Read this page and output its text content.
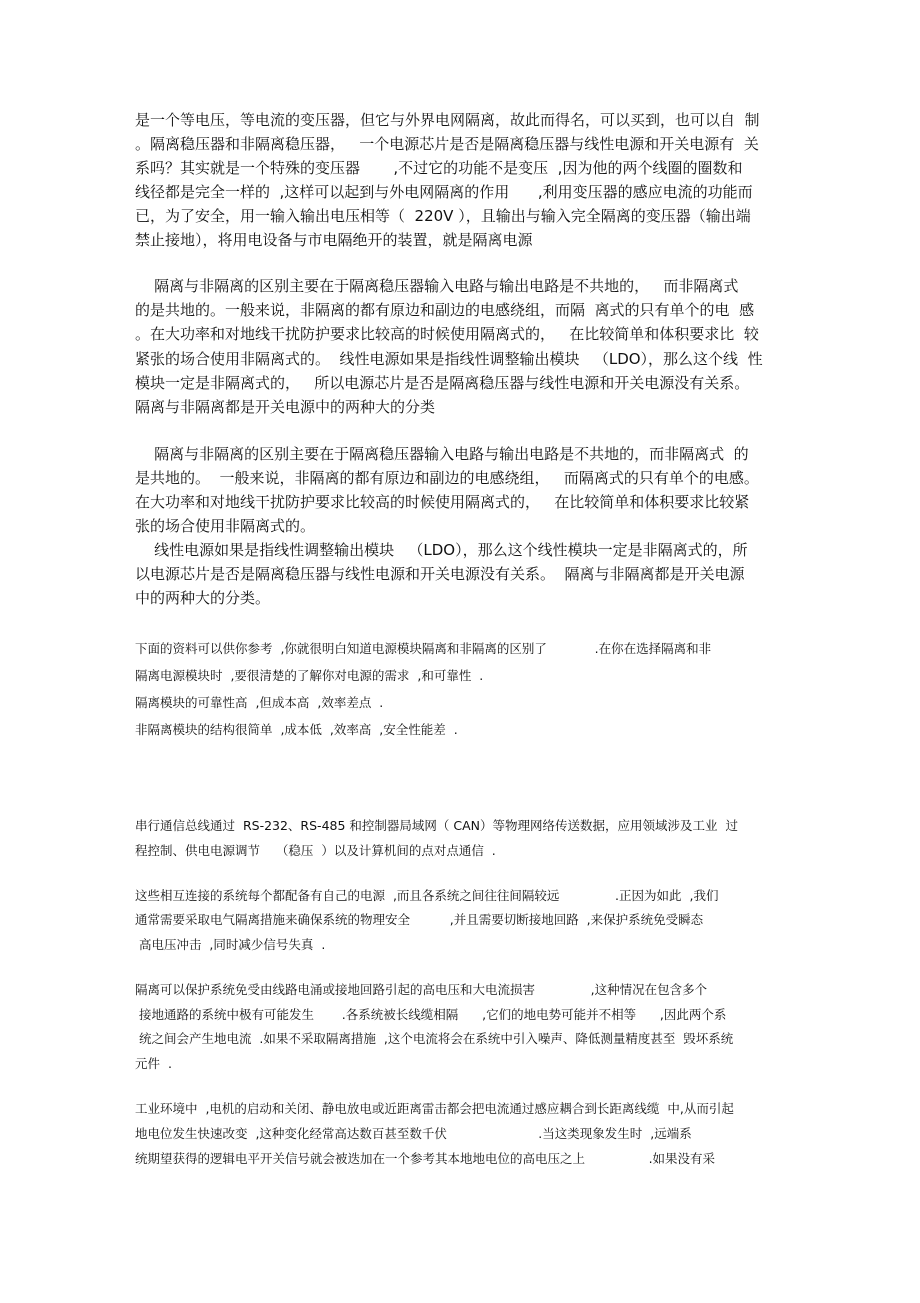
是一个等电压，等电流的变压器，但它与外界电网隔离，故此而得名，可以买到，也可以自  制
。隔离稳压器和非隔离稳压器，   一个电源芯片是否是隔离稳压器与线性电源和开关电源有  关
系吗？其实就是一个特殊的变压器       ,不过它的功能不是变压  ,因为他的两个线圈的圈数和
线径都是完全一样的  ,这样可以起到与外电网隔离的作用      ,利用变压器的感应电流的功能而
已，为了安全，用一输入输出电压相等（  220V ），且输出与输入完全隔离的变压器（输出端
禁止接地），将用电设备与市电隔绝开的装置，就是隔离电源
隔离与非隔离的区别主要在于隔离稳压器输入电路与输出电路是不共地的，   而非隔离式
的是共地的。一般来说，非隔离的都有原边和副边的电感绕组，而隔  离式的只有单个的电  感
。在大功率和对地线干扰防护要求比较高的时候使用隔离式的，   在比较简单和体积要求比  较
紧张的场合使用非隔离式的。  线性电源如果是指线性调整输出模块   （LDO），那么这个线  性
模块一定是非隔离式的，   所以电源芯片是否是隔离稳压器与线性电源和开关电源没有关系。
隔离与非隔离都是开关电源中的两种大的分类
隔离与非隔离的区别主要在于隔离稳压器输入电路与输出电路是不共地的，而非隔离式  的
是共地的。  一般来说，非隔离的都有原边和副边的电感绕组，   而隔离式的只有单个的电感。
在大功率和对地线干扰防护要求比较高的时候使用隔离式的，   在比较简单和体积要求比较紧
张的场合使用非隔离式的。
线性电源如果是指线性调整输出模块   （LDO），那么这个线性模块一定是非隔离式的，所
以电源芯片是否是隔离稳压器与线性电源和开关电源没有关系。  隔离与非隔离都是开关电源
中的两种大的分类。
下面的资料可以供你参考  ,你就很明白知道电源模块隔离和非隔离的区别了            .在你在选择隔离和非
隔离电源模块时  ,要很清楚的了解你对电源的需求  ,和可靠性  .
隔离模块的可靠性高  ,但成本高  ,效率差点  .
非隔离模块的结构很简单  ,成本低  ,效率高  ,安全性能差  .
串行通信总线通过  RS-232、RS-485 和控制器局域网（ CAN）等物理网络传送数据，应用领域涉及工业  过
程控制、供电电源调节    （稳压  ）以及计算机间的点对点通信  .
这些相互连接的系统每个都配备有自己的电源  ,而且各系统之间往往间隔较远              .正因为如此  ,我们
通常需要采取电气隔离措施来确保系统的物理安全          ,并且需要切断接地回路  ,来保护系统免受瞬态
高电压冲击  ,同时减少信号失真  .
隔离可以保护系统免受由线路电涌或接地回路引起的高电压和大电流损害              ,这种情况在包含多个
接地通路的系统中极有可能发生       .各系统被长线缆相隔      ,它们的地电势可能并不相等      ,因此两个系
统之间会产生地电流  .如果不采取隔离措施  ,这个电流将会在系统中引入噪声、降低测量精度甚至  毁坏系统
元件  .
工业环境中  ,电机的启动和关闭、静电放电或近距离雷击都会把电流通过感应耦合到长距离线缆  中,从而引起
地电位发生快速改变  ,这种变化经常高达数百甚至数千伏                       .当这类现象发生时  ,远端系
统期望获得的逻辑电平开关信号就会被迭加在一个参考其本地地电位的高电压之上                .如果没有采
